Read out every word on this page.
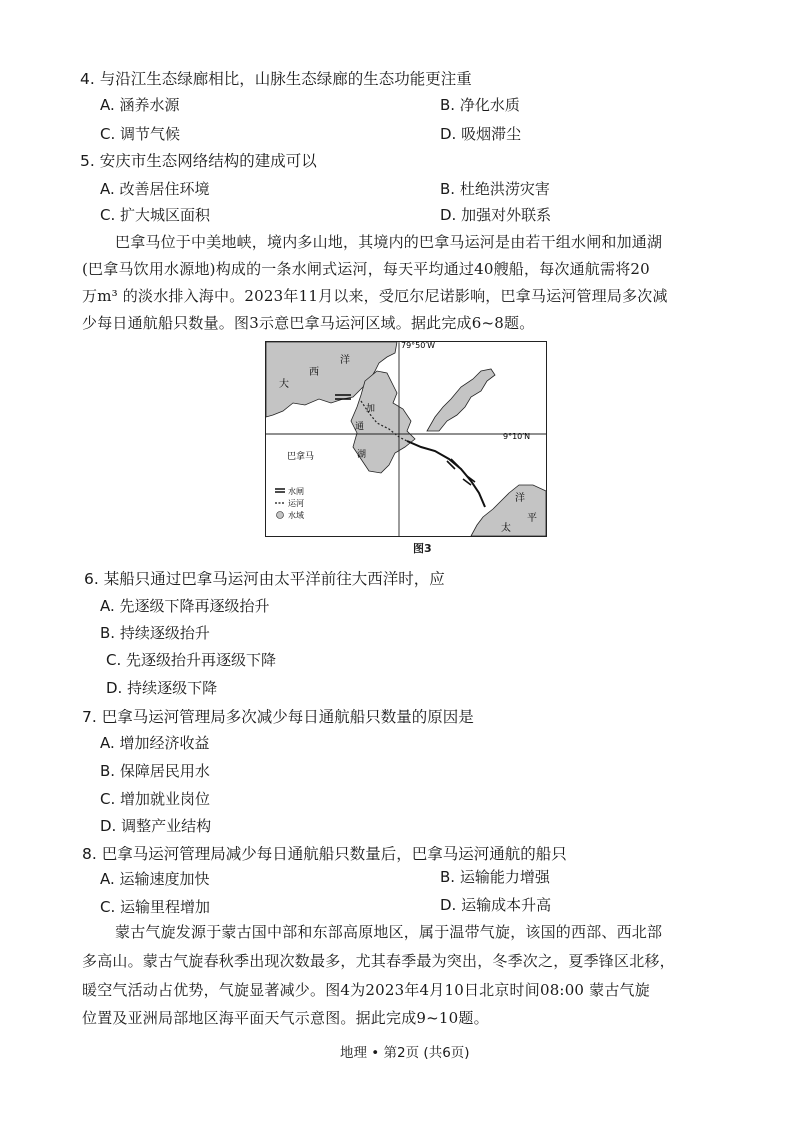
4. 与沿江生态绿廊相比，山脉生态绿廊的生态功能更注重
A. 涵养水源	B. 净化水质
C. 调节气候	D. 吸烟滞尘
5. 安庆市生态网络结构的建成可以
A. 改善居住环境	B. 杜绝洪涝灾害
C. 扩大城区面积	D. 加强对外联系
巴拿马位于中美地峡，境内多山地，其境内的巴拿马运河是由若干组水闸和加通湖
(巴拿马饮用水源地)构成的一条水闸式运河，每天平均通过40艘船，每次通航需将20
万m³ 的淡水排入海中。2023年11月以来，受厄尔尼诺影响，巴拿马运河管理局多次减
少每日通航船只数量。图3示意巴拿马运河区域。据此完成6~8题。
79°50′W
9°10′N
洋
大
西
洋
平
太
巴拿马
加
通
湖
水闸
运河
水域
图3
6. 某船只通过巴拿马运河由太平洋前往大西洋时，应
A. 先逐级下降再逐级抬升
B. 持续逐级抬升
C. 先逐级抬升再逐级下降
D. 持续逐级下降
7. 巴拿马运河管理局多次减少每日通航船只数量的原因是
A. 增加经济收益
B. 保障居民用水
C. 增加就业岗位
D. 调整产业结构
8. 巴拿马运河管理局减少每日通航船只数量后，巴拿马运河通航的船只
A. 运输速度加快	B. 运输能力增强
C. 运输里程增加	D. 运输成本升高
蒙古气旋发源于蒙古国中部和东部高原地区，属于温带气旋，该国的西部、西北部
多高山。蒙古气旋春秋季出现次数最多，尤其春季最为突出，冬季次之，夏季锋区北移，
暖空气活动占优势，气旋显著减少。图4为2023年4月10日北京时间08:00 蒙古气旋
位置及亚洲局部地区海平面天气示意图。据此完成9~10题。
地理 • 第2页 (共6页)
